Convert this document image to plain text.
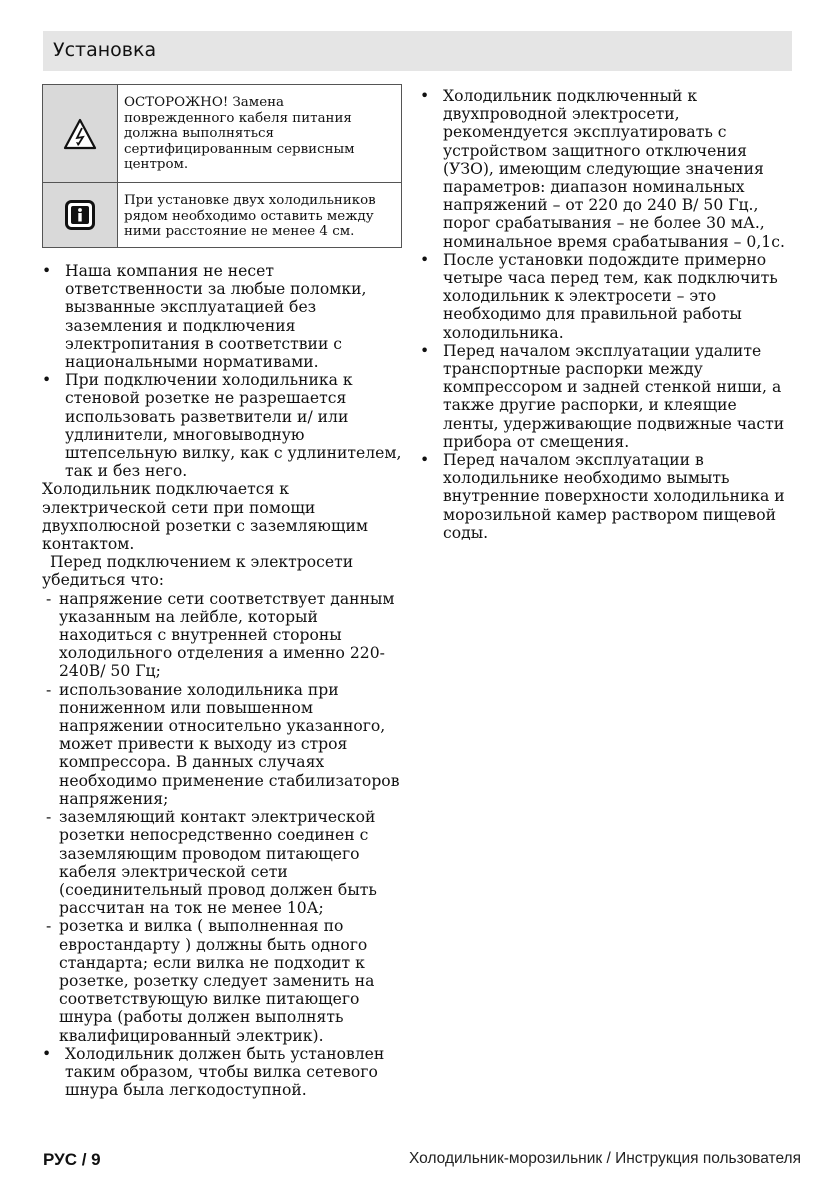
Установка
ОСТОРОЖНО! Замена поврежденного кабеля питания должна выполняться сертифицированным сервисным центром.
При установке двух холодильников рядом необходимо оставить между ними расстояние не менее 4 см.
• Наша компания не несет ответственности за любые поломки, вызванные эксплуатацией без заземления и подключения электропитания в соответствии с национальными нормативами.
• При подключении холодильника к стеновой розетке не разрешается использовать разветвители и/ или удлинители, многовыводную штепсельную вилку, как с удлинителем, так и без него.
Холодильник подключается к электрической сети при помощи двухполюсной розетки с заземляющим контактом.
Перед подключением к электросети убедиться что:
- напряжение сети соответствует данным указанным на лейбле, который находиться с внутренней стороны холодильного отделения а именно 220-240В/ 50 Гц;
- использование холодильника при пониженном или повышенном напряжении относительно указанного, может привести к выходу из строя компрессора. В данных случаях необходимо применение стабилизаторов напряжения;
- заземляющий контакт электрической розетки непосредственно соединен с заземляющим проводом питающего кабеля электрической сети (соединительный провод должен быть рассчитан на ток не менее 10А;
- розетка и вилка ( выполненная по евростандарту ) должны быть одного стандарта; если вилка не подходит к розетке, розетку следует заменить на соответствующую вилке питающего шнура (работы должен выполнять квалифицированный электрик).
• Холодильник должен быть установлен таким образом, чтобы вилка сетевого шнура была легкодоступной.
• Холодильник подключенный к двухпроводной электросети, рекомендуется эксплуатировать с устройством защитного отключения (УЗО), имеющим следующие значения параметров: диапазон номинальных напряжений – от 220 до 240 В/ 50 Гц., порог срабатывания – не более 30 мА., номинальное время срабатывания – 0,1с.
• После установки подождите примерно четыре часа перед тем, как подключить холодильник к электросети – это необходимо для правильной работы холодильника.
• Перед началом эксплуатации удалите транспортные распорки между компрессором и задней стенкой ниши, а также другие распорки, и клеящие ленты, удерживающие подвижные части прибора от смещения.
• Перед началом эксплуатации в холодильнике необходимо вымыть внутренние поверхности холодильника и морозильной камер раствором пищевой соды.
РУС / 9	Холодильник-морозильник / Инструкция пользователя
